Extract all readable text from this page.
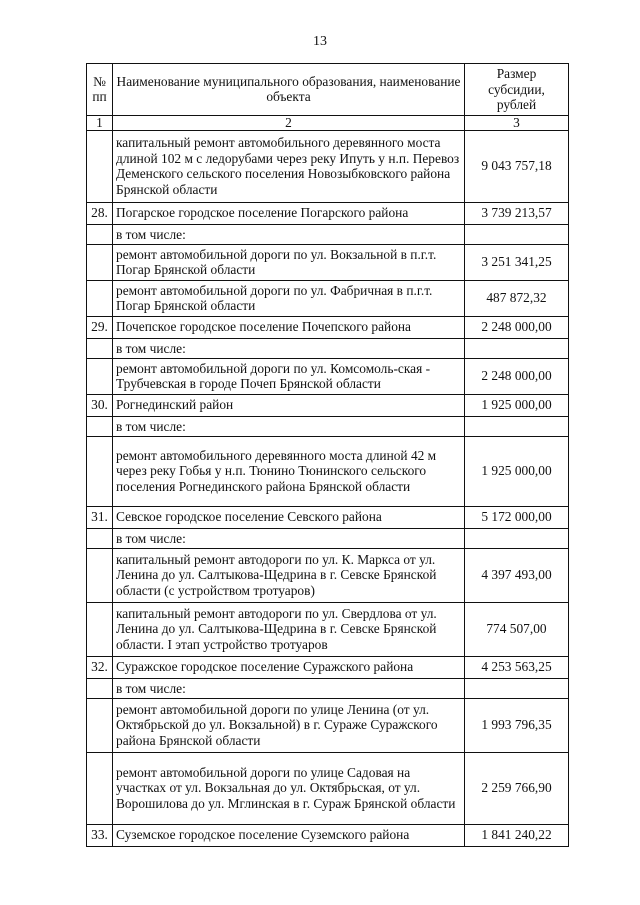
13
№ пп	Наименование муниципального образования, наименование объекта	Размер субсидии, рублей
1	2	3
	капитальный ремонт автомобильного деревянного моста длиной 102 м с ледорубами через реку Ипуть у н.п. Перевоз Деменского сельского поселения Новозыбковского района Брянской области	9 043 757,18
28.	Погарское городское поселение Погарского района	3 739 213,57
	в том числе:	
	ремонт автомобильной дороги по ул. Вокзальной в п.г.т. Погар Брянской области	3 251 341,25
	ремонт автомобильной дороги по ул. Фабричная в п.г.т. Погар Брянской области	487 872,32
29.	Почепское городское поселение Почепского района	2 248 000,00
	в том числе:	
	ремонт автомобильной дороги по ул. Комсомоль-ская - Трубчевская в городе Почеп Брянской области	2 248 000,00
30.	Рогнединский район	1 925 000,00
	в том числе:	
	ремонт автомобильного деревянного моста длиной 42 м через реку Гобья у н.п. Тюнино Тюнинского сельского поселения Рогнединского района Брянской области	1 925 000,00
31.	Севское городское поселение Севского района	5 172 000,00
	в том числе:	
	капитальный ремонт автодороги по ул. К. Маркса от ул. Ленина до ул. Салтыкова-Щедрина в г. Севске Брянской области (с устройством тротуаров)	4 397 493,00
	капитальный ремонт автодороги по ул. Свердлова от ул. Ленина до ул. Салтыкова-Щедрина в г. Севске Брянской области. I этап устройство тротуаров	774 507,00
32.	Суражское городское поселение Суражского района	4 253 563,25
	в том числе:	
	ремонт автомобильной дороги по улице Ленина (от ул. Октябрьской до ул. Вокзальной) в г. Сураже Суражского района Брянской области	1 993 796,35
	ремонт автомобильной дороги по улице Садовая на участках от ул. Вокзальная до ул. Октябрьская, от ул. Ворошилова до ул. Мглинская в г. Сураж Брянской области	2 259 766,90
33.	Суземское городское поселение Суземского района	1 841 240,22
